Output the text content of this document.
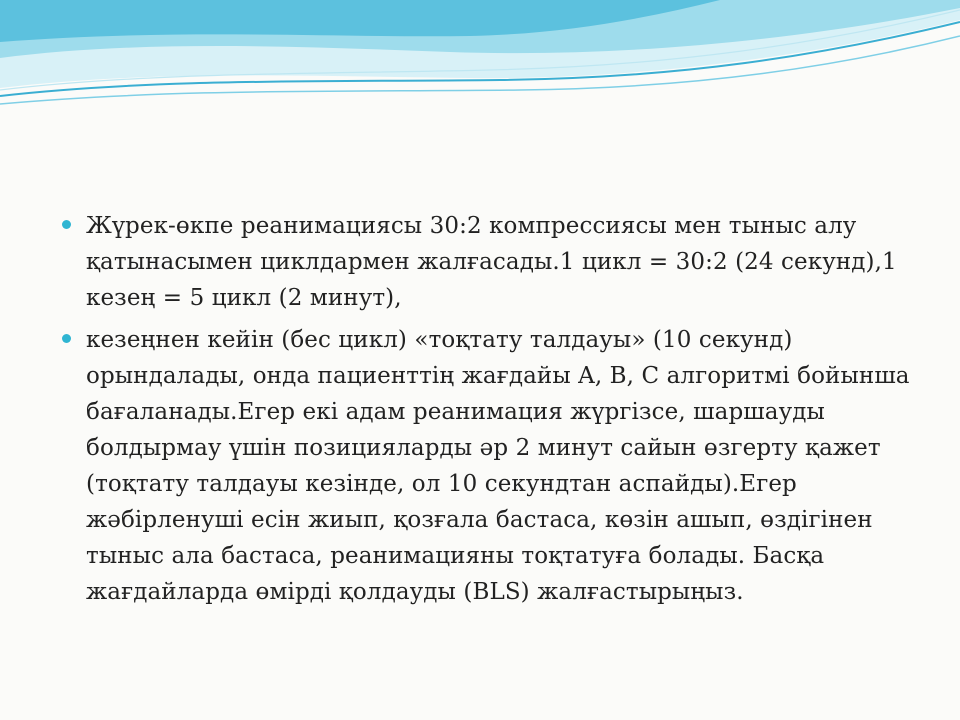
Жүрек-өкпе реанимациясы 30:2 компрессиясы мен тыныс алу қатынасымен циклдармен жалғасады.1 цикл = 30:2 (24 секунд),1 кезең = 5 цикл (2 минут),
кезеңнен кейін (бес цикл) «тоқтату талдауы» (10 секунд) орындалады, онда пациенттің жағдайы A, B, C алгоритмі бойынша бағаланады.Егер екі адам реанимация жүргізсе, шаршауды болдырмау үшін позицияларды әр 2 минут сайын өзгерту қажет (тоқтату талдауы кезінде, ол 10 секундтан аспайды).Егер жәбірленуші есін жиып, қозғала бастаса, көзін ашып, өздігінен тыныс ала бастаса, реанимацияны тоқтатуға болады. Басқа жағдайларда өмірді қолдауды (BLS) жалғастырыңыз.
